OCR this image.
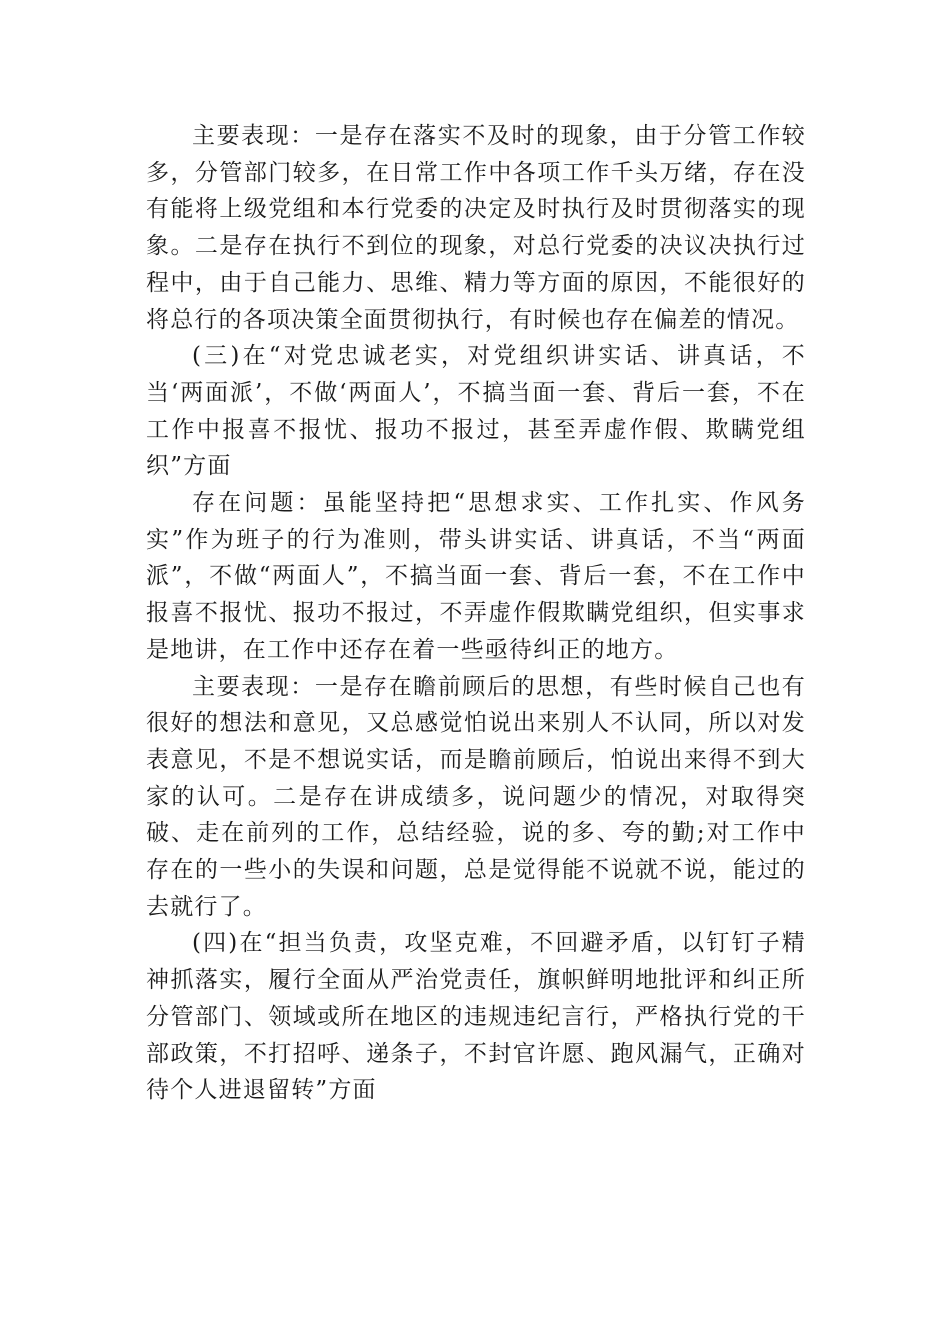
主要表现：一是存在落实不及时的现象，由于分管工作较多，分管部门较多，在日常工作中各项工作千头万绪，存在没有能将上级党组和本行党委的决定及时执行及时贯彻落实的现象。二是存在执行不到位的现象，对总行党委的决议决执行过程中，由于自己能力、思维、精力等方面的原因，不能很好的将总行的各项决策全面贯彻执行，有时候也存在偏差的情况。

(三)在“对党忠诚老实，对党组织讲实话、讲真话，不当‘两面派’，不做‘两面人’，不搞当面一套、背后一套，不在工作中报喜不报忧、报功不报过，甚至弄虚作假、欺瞒党组织”方面

存在问题：虽能坚持把“思想求实、工作扎实、作风务实”作为班子的行为准则，带头讲实话、讲真话，不当“两面派”，不做“两面人”，不搞当面一套、背后一套，不在工作中报喜不报忧、报功不报过，不弄虚作假欺瞒党组织，但实事求是地讲，在工作中还存在着一些亟待纠正的地方。

主要表现：一是存在瞻前顾后的思想，有些时候自己也有很好的想法和意见，又总感觉怕说出来别人不认同，所以对发表意见，不是不想说实话，而是瞻前顾后，怕说出来得不到大家的认可。二是存在讲成绩多，说问题少的情况，对取得突破、走在前列的工作，总结经验，说的多、夸的勤;对工作中存在的一些小的失误和问题，总是觉得能不说就不说，能过的去就行了。

(四)在“担当负责，攻坚克难，不回避矛盾，以钉钉子精神抓落实，履行全面从严治党责任，旗帜鲜明地批评和纠正所分管部门、领域或所在地区的违规违纪言行，严格执行党的干部政策，不打招呼、递条子，不封官许愿、跑风漏气，正确对待个人进退留转”方面
